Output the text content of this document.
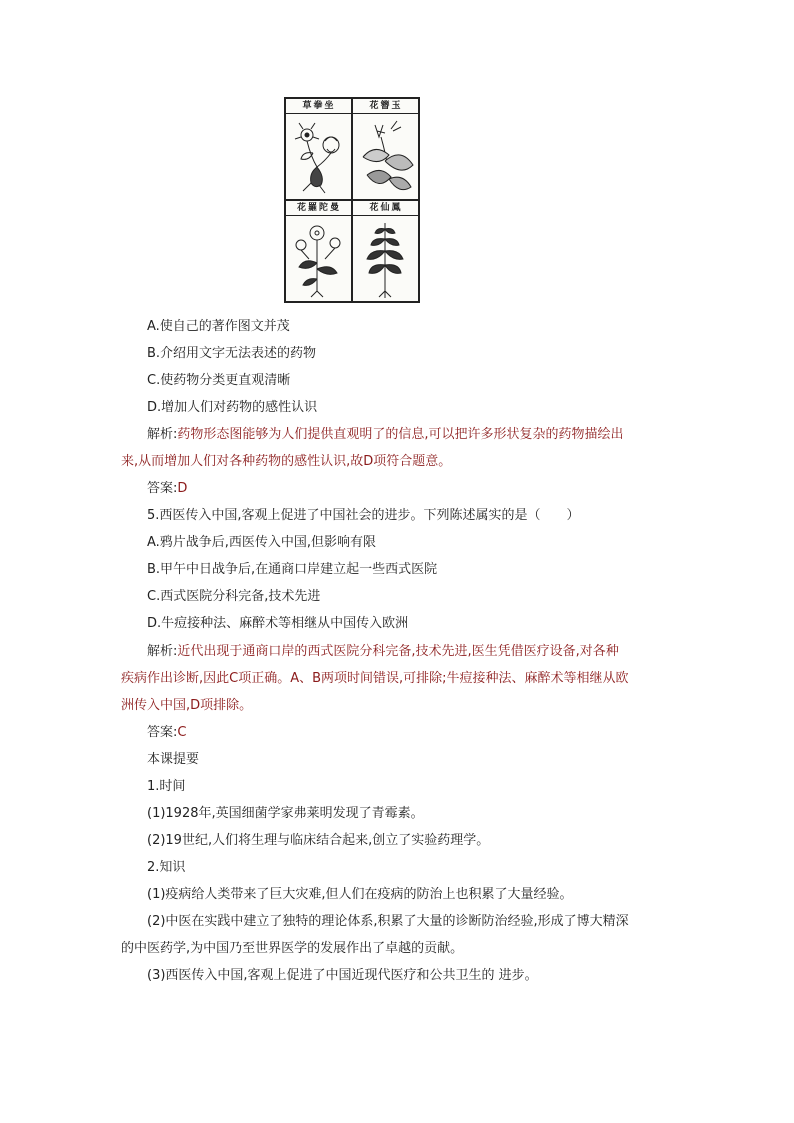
草拳坐	花簪玉
花羅陀曼	花仙鳳
A.使自己的著作图文并茂
B.介绍用文字无法表述的药物
C.使药物分类更直观清晰
D.增加人们对药物的感性认识
解析:药物形态图能够为人们提供直观明了的信息,可以把许多形状复杂的药物描绘出
来,从而增加人们对各种药物的感性认识,故D项符合题意。
答案:D
5.西医传入中国,客观上促进了中国社会的进步。下列陈述属实的是（　　）
A.鸦片战争后,西医传入中国,但影响有限
B.甲午中日战争后,在通商口岸建立起一些西式医院
C.西式医院分科完备,技术先进
D.牛痘接种法、麻醉术等相继从中国传入欧洲
解析:近代出现于通商口岸的西式医院分科完备,技术先进,医生凭借医疗设备,对各种
疾病作出诊断,因此C项正确。A、B两项时间错误,可排除;牛痘接种法、麻醉术等相继从欧
洲传入中国,D项排除。
答案:C
本课提要
1.时间
(1)1928年,英国细菌学家弗莱明发现了青霉素。
(2)19世纪,人们将生理与临床结合起来,创立了实验药理学。
2.知识
(1)疫病给人类带来了巨大灾难,但人们在疫病的防治上也积累了大量经验。
(2)中医在实践中建立了独特的理论体系,积累了大量的诊断防治经验,形成了博大精深
的中医药学,为中国乃至世界医学的发展作出了卓越的贡献。
(3)西医传入中国,客观上促进了中国近现代医疗和公共卫生的 进步。
